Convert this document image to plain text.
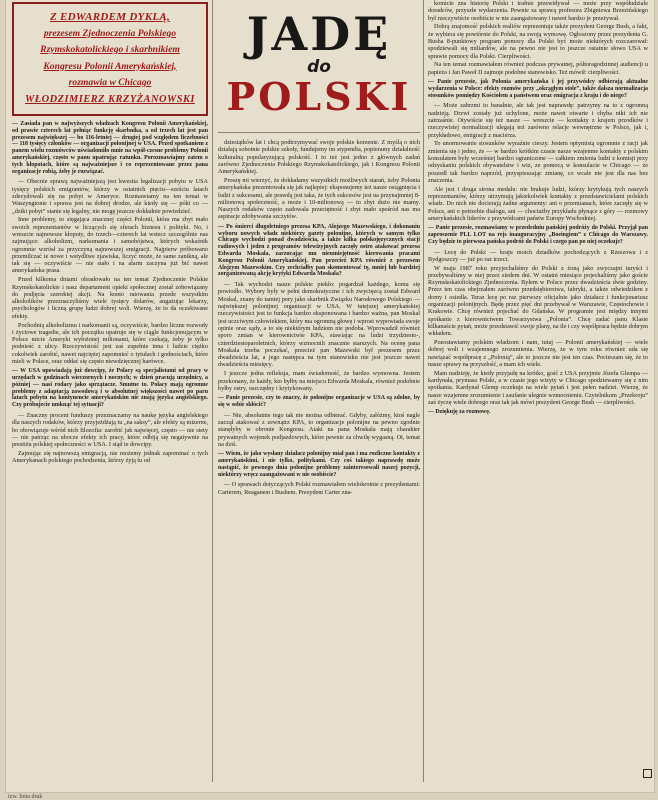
Z EDWARDEM DYKLĄ,
prezesem Zjednoczenia Polskiego
Rzymskokatolickiego i skarbnikiem
Kongresu Polonii Amerykańskiej,
rozmawia w Chicago
WŁODZIMIERZ KRZYŻANOWSKI
— Zasiada pan w najwyższych władzach Kongresu Polonii Amerykańskiej, od prawie czterech lat pełniąc funkcję skarbnika, a od trzech lat jest pan prezesem największej — bo 116-letniej — drugiej pod względem liczebności — 118 tysięcy członków — organizacji polonijnej w USA. Przed spotkaniem z panem wielu rozmówców uświadomiło mnie na wpół-czesne problemy Polonii amerykańskiej, często w panu upatrując ratunku. Porozmawiajmy zatem o tych kłopotach, które są najważniejsze i co reprezentowane przez pana organizacje robią, żeby je rozwiązać.

— Obecnie sprawą najważniejszą jest kwestia legalizacji pobytu w USA tysięcy polskich emigrantów, którzy w ostatnich pięciu—sześciu latach zdecydowali się na pobyt w Ameryce. Rozmawiamy na ten temat w Waszyngtonie i sprawa jest na dobrej drodze, ale kiedy się — póki co — „dziki pobyt” stanie się legalny, nie mogę jeszcze dokładnie powiedzieć.

Inne problemy, to sięgająca znacznej części Polonii, która ma zbyt mało swoich reprezentantów w liczących się sferach biznesu i polityki. No, i wreszcie najnowsze kłopoty, do trzech—czterech lat wstecz szczególnie nas zajmujące: alkoholizm, narkomania i samobójstwa, których wskaźnik ogromnie wzrósł za przyczyną najnowszej emigracji. Najpierw próbowano przemilczać te nowe i wstydliwe zjawiska, liczyć może, że same zanikną, ale tak się — oczywiście — nie stało i na alarm zaczyna już bić nawet amerykańska prasa.

Przed kilkoma dniami obradowało na ten temat Zjednoczenie Polskie Rzymskokatolickie i nasz departament opieki społecznej został zobowiązany do podjęcia szerokiej akcji. Na konto ratowania przede wszystkim alkoholików przeznaczyliśmy wiele tysięcy dolarów, angażując lekarzy, psychologów i liczną grupę ludzi dobrej woli. Wierzę, że to da oczekiwane efekty.

Pochodnią alkoholizmu i narkomanii są, oczywiście, bardzo liczne rozwody i życiowe tragedie, ale ich początku upatruje się w ciągle funkcjonującym w Polsce micie Ameryki wyłożonej milionami, które czekają, żeby je tylko podnieść z ulicy. Rzeczywistość jest zaś zupełnie inna i ludzie ciężko cokolwiek zarobić, nawet najciężej zapomnieć o tytułach i godnościach, które mieli w Polsce, oraz oddać się często niewdzięcznej harówce.

— W USA upowiadają już dowcipy, że Polacy są specjalistami od pracy w urzędach w godzinach wieczornych i nocnych; w dzień pracują urzędnicy, a później — nasi rodacy jako sprzątacze. Smutne to. Polacy mają ogromne problemy z adaptacją zawodową i w absolutnej większości nawet po paru latach pobytu na kontynencie amerykańskim nie znają języka angielskiego. Czy próbujecie umknąć tej sytuacji?

— Znaczny procent funduszy przeznaczamy na naukę języka angielskiego dla naszych rodaków, którzy przyjeżdżają tu „na saksy”, ale efekty są mizerne, bo obowiązuje wśród nich filozofia: zarobić jak najwięcej, często — nie stety — nie patrząc na ubocze efekty ich pracy, które odbiją się negatywnie na prestiżu polskiej społeczności w USA. I stąd te dowcipy.

Zajmując się najnowszą emigracją, nie możemy jednak zapominać o tych Amerykanach polskiego pochodzenia, którzy żyją tu od

JADĘ
do
POLSKI

dziesiątków lat i chcą podtrzymywać swoje polskie korzenie. Z myślą o nich działają sobotnie polskie szkoły, fundujemy im stypendia, popieramy działalność kulturalną popularyzującą polskość. I to też jest jedno z głównych zadań zarówno Zjednoczenia Polskiego Rzymskokatolickiego, jak i Kongresu Polonii Amerykańskiej.

Proszę mi wierzyć, że dokładamy wszystkich możliwych starań, żeby Polonia amerykańska prezentowała się jak najlepiej: eksponujemy też nasze osiągnięcia i ludzi z sukcesami, ale prawdą jest taka, że tych sukcesów jest na przynajmniej 8-milionową społeczność, a może i 10-milionową — to zbyt dużo nie mamy. Naszych rodaków często zadowala przeciętność i zbyt mało spośród nas ma aspiracje zdobywania szczytów.

— Po śmierci długoletniego prezesa KPA, Alojzego Mazewskiego, i dokonaniu wyboru nowych władz niektórzy gazety polonijne, których w samym tylko Chicago wychodzi ponad dwadzieścia, a także kilka polskojęzycznych stacji radiowych i jeden z programów telewizyjnych zaczęły ostro atakować prezesa Edwarda Moskala, zarzucając mu nieumiejętność kierowania pracami Kongresu Polonii Amerykańskiej. Pan przecież KPA również z prezesem Alojzym Mazewskim. Czy zechciałby pan skomentować tę, mniej lub bardziej zorganizowaną akcję krytyki Edwarda Moskala?

— Tak wychodzi nasze polskie piekło: pogardzał każdego, komu się powiodło. Wybory były w pełni demokratyczne i ich zwycięzcą został Edward Moskal, znany do tamtej pory jako skarbnik Związku Narodowego Polskiego — największej polonijnej organizacji w USA. W tutejszej amerykańskiej rzeczywistości jest to funkcja bardzo eksponowana i bardzo ważna, pan Moskal jest uczciwym człowiekiem, który ma ogromną głowę i wprost wypowiada swoje opinie oraz sądy, a to się niektórym ludziom nie podoba. Wprowadził również sporo zmian w kierownictwie KPA, stawiając na ludzi trzydziesto-, czterdziestoparoletnich, którzy wzmocnili znacznie starszych. Na ocenę pana Moskala trzeba poczekać, przecież pan Mazewski był prezesem przez dwadzieścia lat, a jego następca na tym stanowisku nie jest jeszcze nawet dwadzieścia miesięcy.

I jeszcze jedna refleksja, mam świadomość, że bardzo wymowna. Jestem przekonany, że każdy, kto byłby na miejscu Edwarda Moskala, również podobnie byłby ostry, oszczędny i krytykowany.

— Panie prezesie, czy to znaczy, że polonijne organizacje w USA są zdolne, by się w sobie skłócić?

— Nie, absolutnie tego tak nie można odbierać. Gdyby, załóżmy, ktoś nagle zaczął atakować z zewnątrz KPA, to organizacje polonijne na pewno zgodnie stanęłyby w obronie Kongresu. Ataki na pana Moskala mają charakter prywatnych wojenek podjazdowych, które pewnie za chwilę wygasną. Ot, temat na dziś.

— Wiem, że jako wysłany działacz polonijny miał pan i ma rozliczne kontakty z amerykańskimi, i nie tylko, politykami. Czy coś takiego naprawdę może nastąpić, że pewnego dnia polonijne problemy zainteresowali naszej pozycji, niektórzy wręcz zaangażowani w nie osobiście?

— O sprawach dotyczących Polski rozmawiałem wielokrotnie z prezydentami: Carterem, Reaganem i Bushem. Prezydent Carter zna-

komicie zna historię Polski i trafnie przewidywał — może przy współudziale doradców, przyszłe wydarzenia. Pewnie za sprawą profesora Zbigniewa Brzezińskiego był rzeczywiście osobiście w nie zaangażowany i nawet bardzo je przeżywał.

Dobrą znajomość polskich realiów reprezentuje także prezydent George Bush, a fakt, że wybiera się powtórnie do Polski, na swoją wymowę. Ogłoszony przez prezydenta G. Busha 8-punktowy program pomocy dla Polski być może niektórych rozczarował: spodziewali się miliardów, ale na pewno nie jest to jeszcze ostatnie słowo USA w sprawie pomocy dla Polski. Cierpliwości.

Na ten temat rozmawiałem również podczas prywatnej, półtoragodzinnej audiencji u papieża i Jan Paweł II zajmuje podobne stanowisko. Też mówił: cierpliwości.

— Panie prezesie, jak Polonia amerykańska i jej przywódcy odbierają aktualne wydarzenia w Polsce: efekty rozmów przy „okrągłym stole”, także dalsza normalizacja stosunków pomiędzy Kościołem a państwem oraz emigracja z kraju i do niego?

— Może zabrzmi to banalnie, ale tak jest naprawdę: patrzymy na to z ogromną nadzieją. Drzwi zostały już uchylone, może nawet otwarte i chyba nikt ich nie zatrzaśnie. Otywiście się też nasze — wreszcie — kontakty z krajem przodków i rzeczywistej normalizacji ulegają też zarówno relacje wewnętrzne w Polsce, jak i, przykładowo, emigracji z macierza.

To unormowanie stosunków wyraźnie cieszy. Jestem optymistą ogromnie z racji jak zmienia się i jedno, że — w bardzo krótkim czasie nasze wzajemne kontakty z polskim konsulatem były wcześniej bardzo ograniczone — całkiem zmienia ludzi z komisji przy odzyskaniu polskich obywatelstw i wiz, ze pomocą w konsulacie w Chicago — że poszedł tak bardzo naprzód, przyspieszając zmianę, co wcale nie jest dla nas bez znaczenia.

Ale jest i druga strona medalu: nie brakuje ludzi, którzy krytykują tych naszych reprezentantów, którzy utrzymują jakiekolwiek kontakty z przedstawicielami polskich władz. Do nich nie docierają żadne argumenty: ani o przemianach, które zaczęły się w Polsce, ani o potrzebie dialogu, ani — chociażby przykładu płynące z góry — rozmowy amerykańskich liderów z przywódcami państw Europy Wschodniej.

— Panie prezesie, rozmawiamy w przededniu pańskiej podróży do Polski. Przyjął pan zaproszenie PLL LOT na rejs inauguracyjny „Boeingiem” z Chicago do Warszawy. Czy będzie to pierwsza pańska podróż do Polski i czego pan po niej oczekuje?

— Lecę do Polski — kraju moich dziadków pochodzących z Rzeszowa i z Bydgoszczy — już po raz trzeci.

W maju 1987 roku przyjechaliśmy do Polski z żoną jako zwyczajni turyści i przebywaliśmy w niej przez siedem dni. W ostatni miesiące pojechaliśmy jako goście Rzymskokatolickiego Zjednoczenia. Byłem w Polsce przez dwadzieścia dwie godziny. Przez ten czas obejrzałem zarówno przedsiębiorstwa, fabryki, a także odwiedziłem z domy i osiedla. Teraz lecę po raz pierwszy oficjalnie jako działacz i funkcjonariusz organizacji polonijnych. Będę przez pięć dni przebywał w Warszawie, Częstochowie i Krakowie. Chcę również pojechać do Gdańska. W programie jest między innymi spotkanie z kierownictwem Towarzystwa „Polonia”. Chcę zadać panu Klasie kilkanaście pytań, może przedstawić swoje plany, na ile i czy współpraca będzie dobrym wkładem.

Pozostawiamy polskim władzom i nam, tutaj — Polonii amerykańskiej — wiele dobrej woli i wzajemnego zrozumienia. Wierzę, że w tym roku również uda się nawiązać współpracę z „Polonią”, ale to jeszcze nie jest ten czas. Pocieszam się, że to nasze sprawy na przyszłość, a mam ich wiele.

Mam nadzieję, że kiedy przyjadę na krótko, gość z USA przyjmie Józefa Glempa — kardynała, prymasa Polski, a w czasie jego wizyty w Chicago spodziewamy się z nim spotkania. Kardynał Glemp oczekuje na wiele pytań i jest pełen nadziei. Wierzę, że nasze wzajemne zrozumienie i zaufanie ulegnie wzmocnieniu. Czytelnikom „Przekroju” zaś życzę wiele dobrego oraz tak jak mówi prezydent George Bush — cierpliwości.

— Dziękuję za rozmowę.
izw. linia druk
